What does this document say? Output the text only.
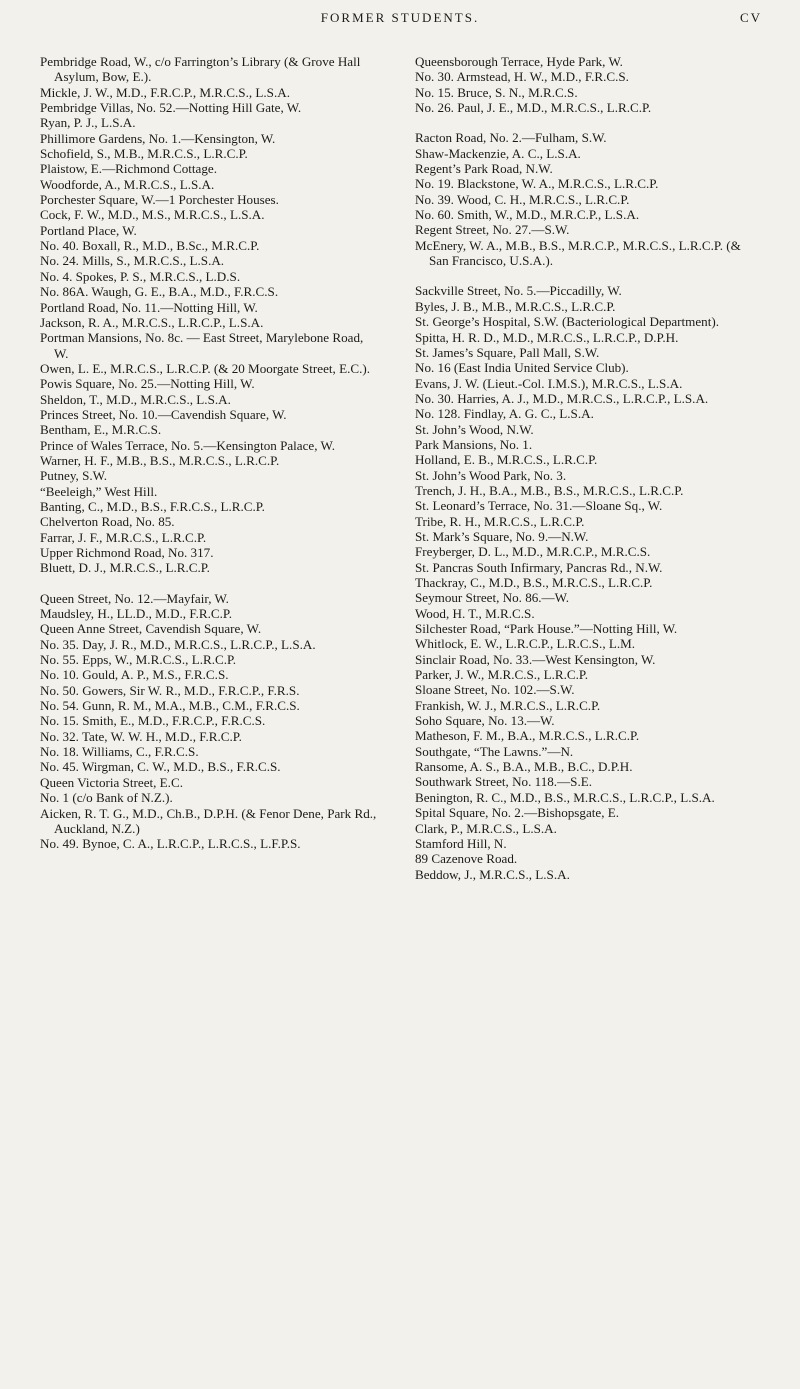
FORMER STUDENTS.	CV
Pembridge Road, W., c/o Farrington’s Library (& Grove Hall Asylum, Bow, E.).
Mickle, J. W., M.D., F.R.C.P., M.R.C.S., L.S.A.
Pembridge Villas, No. 52.—Notting Hill Gate, W.
Ryan, P. J., L.S.A.
Phillimore Gardens, No. 1.—Kensington, W.
Schofield, S., M.B., M.R.C.S., L.R.C.P.
Plaistow, E.—Richmond Cottage.
Woodforde, A., M.R.C.S., L.S.A.
Porchester Square, W.—1 Porchester Houses.
Cock, F. W., M.D., M.S., M.R.C.S., L.S.A.
Portland Place, W.
No. 40. Boxall, R., M.D., B.Sc., M.R.C.P.
No. 24. Mills, S., M.R.C.S., L.S.A.
No. 4. Spokes, P. S., M.R.C.S., L.D.S.
No. 86A. Waugh, G. E., B.A., M.D., F.R.C.S.
Portland Road, No. 11.—Notting Hill, W.
Jackson, R. A., M.R.C.S., L.R.C.P., L.S.A.
Portman Mansions, No. 8c. — East Street, Marylebone Road, W.
Owen, L. E., M.R.C.S., L.R.C.P. (& 20 Moorgate Street, E.C.).
Powis Square, No. 25.—Notting Hill, W.
Sheldon, T., M.D., M.R.C.S., L.S.A.
Princes Street, No. 10.—Cavendish Square, W.
Bentham, E., M.R.C.S.
Prince of Wales Terrace, No. 5.—Kensington Palace, W.
Warner, H. F., M.B., B.S., M.R.C.S., L.R.C.P.
Putney, S.W.
“Beeleigh,” West Hill.
Banting, C., M.D., B.S., F.R.C.S., L.R.C.P.
Chelverton Road, No. 85.
Farrar, J. F., M.R.C.S., L.R.C.P.
Upper Richmond Road, No. 317.
Bluett, D. J., M.R.C.S., L.R.C.P.
Queen Street, No. 12.—Mayfair, W.
Maudsley, H., LL.D., M.D., F.R.C.P.
Queen Anne Street, Cavendish Square, W.
No. 35. Day, J. R., M.D., M.R.C.S., L.R.C.P., L.S.A.
No. 55. Epps, W., M.R.C.S., L.R.C.P.
No. 10. Gould, A. P., M.S., F.R.C.S.
No. 50. Gowers, Sir W. R., M.D., F.R.C.P., F.R.S.
No. 54. Gunn, R. M., M.A., M.B., C.M., F.R.C.S.
No. 15. Smith, E., M.D., F.R.C.P., F.R.C.S.
No. 32. Tate, W. W. H., M.D., F.R.C.P.
No. 18. Williams, C., F.R.C.S.
No. 45. Wirgman, C. W., M.D., B.S., F.R.C.S.
Queen Victoria Street, E.C.
No. 1 (c/o Bank of N.Z.).
Aicken, R. T. G., M.D., Ch.B., D.P.H. (& Fenor Dene, Park Rd., Auckland, N.Z.)
No. 49. Bynoe, C. A., L.R.C.P., L.R.C.S., L.F.P.S.
Queensborough Terrace, Hyde Park, W.
No. 30. Armstead, H. W., M.D., F.R.C.S.
No. 15. Bruce, S. N., M.R.C.S.
No. 26. Paul, J. E., M.D., M.R.C.S., L.R.C.P.
Racton Road, No. 2.—Fulham, S.W.
Shaw-Mackenzie, A. C., L.S.A.
Regent’s Park Road, N.W.
No. 19. Blackstone, W. A., M.R.C.S., L.R.C.P.
No. 39. Wood, C. H., M.R.C.S., L.R.C.P.
No. 60. Smith, W., M.D., M.R.C.P., L.S.A.
Regent Street, No. 27.—S.W.
McEnery, W. A., M.B., B.S., M.R.C.P., M.R.C.S., L.R.C.P. (& San Francisco, U.S.A.).
Sackville Street, No. 5.—Piccadilly, W.
Byles, J. B., M.B., M.R.C.S., L.R.C.P.
St. George’s Hospital, S.W. (Bacteriological Department).
Spitta, H. R. D., M.D., M.R.C.S., L.R.C.P., D.P.H.
St. James’s Square, Pall Mall, S.W.
No. 16 (East India United Service Club).
Evans, J. W. (Lieut.-Col. I.M.S.), M.R.C.S., L.S.A.
No. 30. Harries, A. J., M.D., M.R.C.S., L.R.C.P., L.S.A.
No. 128. Findlay, A. G. C., L.S.A.
St. John’s Wood, N.W.
Park Mansions, No. 1.
Holland, E. B., M.R.C.S., L.R.C.P.
St. John’s Wood Park, No. 3.
Trench, J. H., B.A., M.B., B.S., M.R.C.S., L.R.C.P.
St. Leonard’s Terrace, No. 31.—Sloane Sq., W.
Tribe, R. H., M.R.C.S., L.R.C.P.
St. Mark’s Square, No. 9.—N.W.
Freyberger, D. L., M.D., M.R.C.P., M.R.C.S.
St. Pancras South Infirmary, Pancras Rd., N.W.
Thackray, C., M.D., B.S., M.R.C.S., L.R.C.P.
Seymour Street, No. 86.—W.
Wood, H. T., M.R.C.S.
Silchester Road, “Park House.”—Notting Hill, W.
Whitlock, E. W., L.R.C.P., L.R.C.S., L.M.
Sinclair Road, No. 33.—West Kensington, W.
Parker, J. W., M.R.C.S., L.R.C.P.
Sloane Street, No. 102.—S.W.
Frankish, W. J., M.R.C.S., L.R.C.P.
Soho Square, No. 13.—W.
Matheson, F. M., B.A., M.R.C.S., L.R.C.P.
Southgate, “The Lawns.”—N.
Ransome, A. S., B.A., M.B., B.C., D.P.H.
Southwark Street, No. 118.—S.E.
Benington, R. C., M.D., B.S., M.R.C.S., L.R.C.P., L.S.A.
Spital Square, No. 2.—Bishopsgate, E.
Clark, P., M.R.C.S., L.S.A.
Stamford Hill, N.
89 Cazenove Road.
Beddow, J., M.R.C.S., L.S.A.
